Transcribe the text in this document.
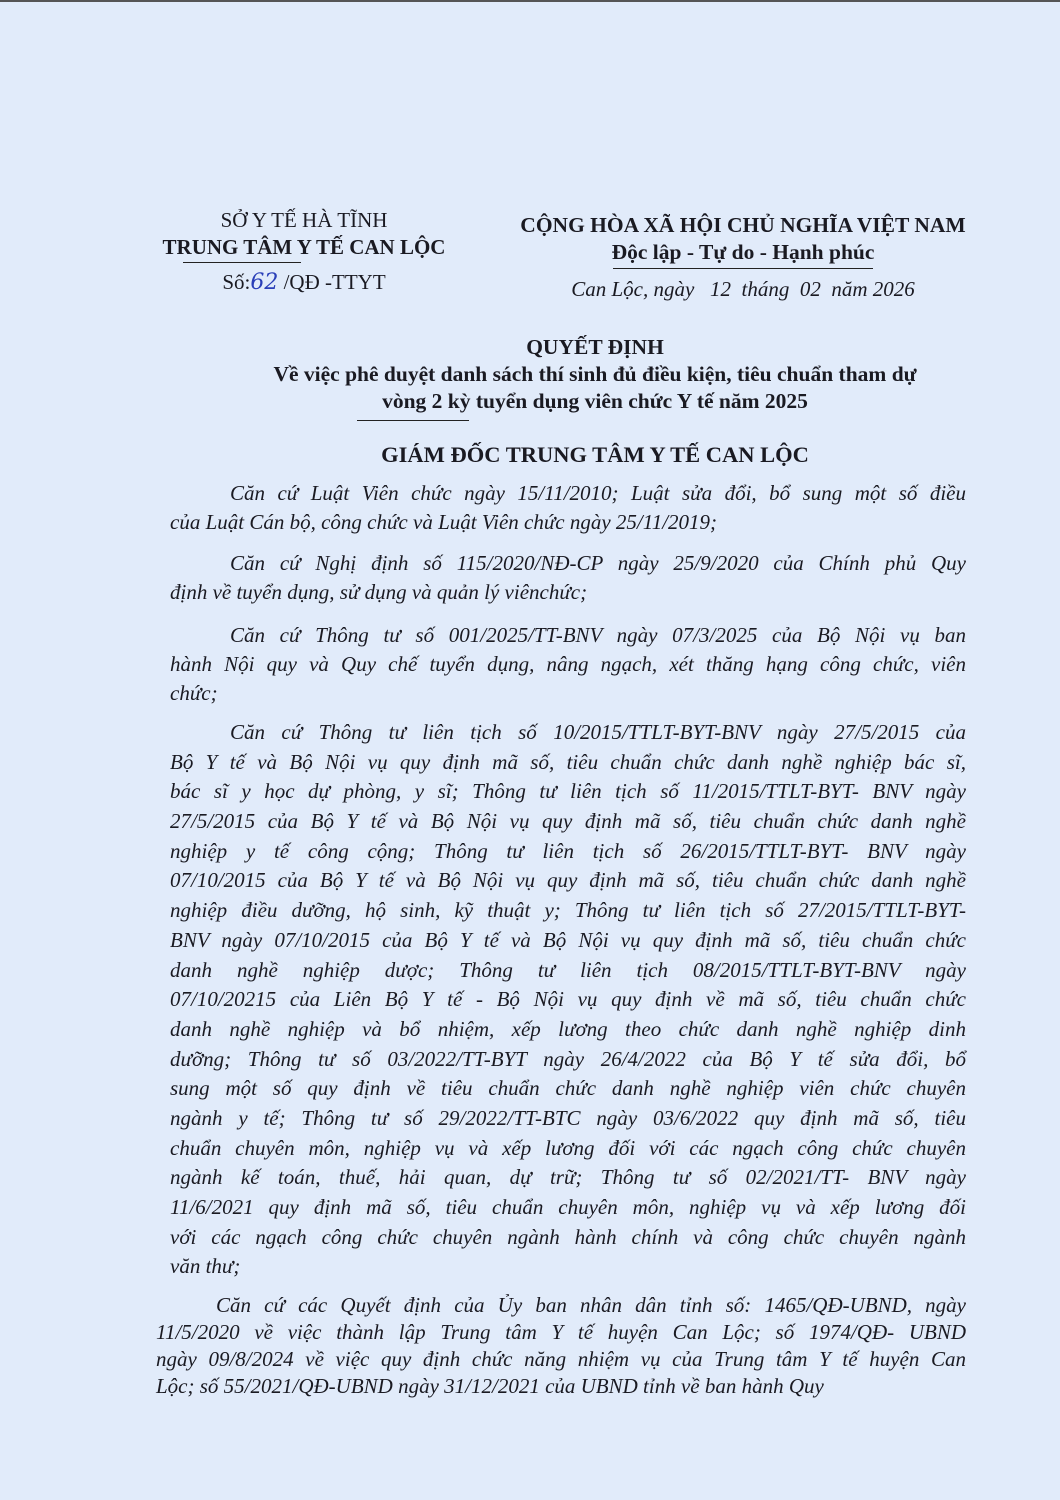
SỞ Y TẾ HÀ TĨNH
TRUNG TÂM Y TẾ CAN LỘC
Số:62 /QĐ -TTYT
CỘNG HÒA XÃ HỘI CHỦ NGHĨA VIỆT NAM
Độc lập - Tự do - Hạnh phúc
Can Lộc, ngày   12  tháng  02  năm 2026
QUYẾT ĐỊNH
Về việc phê duyệt danh sách thí sinh đủ điều kiện, tiêu chuẩn tham dự
vòng 2 kỳ tuyển dụng viên chức Y tế năm 2025
GIÁM ĐỐC TRUNG TÂM Y TẾ CAN LỘC
Căn cứ Luật Viên chức ngày 15/11/2010; Luật sửa đổi, bổ sung một số điều
của Luật Cán bộ, công chức và Luật Viên chức ngày 25/11/2019;
Căn cứ Nghị định số 115/2020/NĐ-CP ngày 25/9/2020 của Chính phủ Quy
định về tuyển dụng, sử dụng và quản lý viênchức;
Căn cứ Thông tư số 001/2025/TT-BNV ngày 07/3/2025 của Bộ Nội vụ ban
hành Nội quy và Quy chế tuyển dụng, nâng ngạch, xét thăng hạng công chức, viên
chức;
Căn cứ Thông tư liên tịch số 10/2015/TTLT-BYT-BNV ngày 27/5/2015 của
Bộ Y tế và Bộ Nội vụ quy định mã số, tiêu chuẩn chức danh nghề nghiệp bác sĩ,
bác sĩ y học dự phòng, y sĩ; Thông tư liên tịch số 11/2015/TTLT-BYT- BNV ngày
27/5/2015 của Bộ Y tế và Bộ Nội vụ quy định mã số, tiêu chuẩn chức danh nghề
nghiệp y tế công cộng; Thông tư liên tịch số 26/2015/TTLT-BYT- BNV ngày
07/10/2015 của Bộ Y tế và Bộ Nội vụ quy định mã số, tiêu chuẩn chức danh nghề
nghiệp điều dưỡng, hộ sinh, kỹ thuật y; Thông tư liên tịch số 27/2015/TTLT-BYT-
BNV ngày 07/10/2015 của Bộ Y tế và Bộ Nội vụ quy định mã số, tiêu chuẩn chức
danh nghề nghiệp dược; Thông tư liên tịch 08/2015/TTLT-BYT-BNV ngày
07/10/20215 của Liên Bộ Y tế - Bộ Nội vụ quy định về mã số, tiêu chuẩn chức
danh nghề nghiệp và bổ nhiệm, xếp lương theo chức danh nghề nghiệp dinh
dưỡng; Thông tư số 03/2022/TT-BYT ngày 26/4/2022 của Bộ Y tế sửa đổi, bổ
sung một số quy định về tiêu chuẩn chức danh nghề nghiệp viên chức chuyên
ngành y tế; Thông tư số 29/2022/TT-BTC ngày 03/6/2022 quy định mã số, tiêu
chuẩn chuyên môn, nghiệp vụ và xếp lương đối với các ngạch công chức chuyên
ngành kế toán, thuế, hải quan, dự trữ; Thông tư số 02/2021/TT- BNV ngày
11/6/2021 quy định mã số, tiêu chuẩn chuyên môn, nghiệp vụ và xếp lương đối
với các ngạch công chức chuyên ngành hành chính và công chức chuyên ngành
văn thư;
Căn cứ các Quyết định của Ủy ban nhân dân tỉnh số: 1465/QĐ-UBND, ngày
11/5/2020 về việc thành lập Trung tâm Y tế huyện Can Lộc; số 1974/QĐ- UBND
ngày 09/8/2024 về việc quy định chức năng nhiệm vụ của Trung tâm Y tế huyện Can
Lộc; số 55/2021/QĐ-UBND ngày 31/12/2021 của UBND tỉnh về ban hành Quy
